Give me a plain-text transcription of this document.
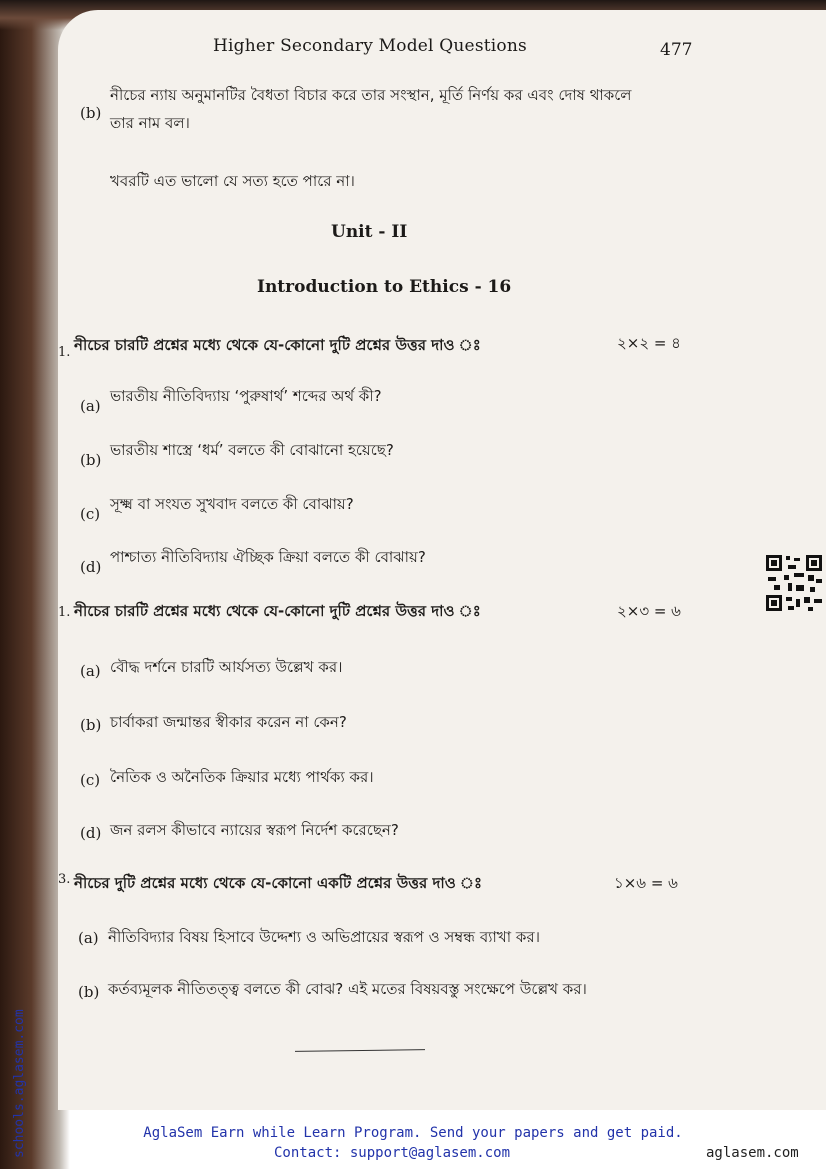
Higher Secondary Model Questions	477
(b)
নীচের ন্যায় অনুমানটির বৈধতা বিচার করে তার সংস্থান, মূর্তি নির্ণয় কর এবং দোষ থাকলে
তার নাম বল।
খবরটি এত ভালো যে সত্য হতে পারে না।
Unit - II
Introduction to Ethics - 16
1. নীচের চারটি প্রশ্নের মধ্যে থেকে যে-কোনো দুটি প্রশ্নের উত্তর দাও ঃ	২×২ = ৪
(a)
ভারতীয় নীতিবিদ্যায় ‘পুরুষার্থ’ শব্দের অর্থ কী?
(b)
ভারতীয় শাস্ত্রে ‘ধর্ম’ বলতে কী বোঝানো হয়েছে?
(c)
সূক্ষ্ম বা সংযত সুখবাদ বলতে কী বোঝায়?
(d)
পাশ্চাত্য নীতিবিদ্যায় ঐচ্ছিক ক্রিয়া বলতে কী বোঝায়?
1. নীচের চারটি প্রশ্নের মধ্যে থেকে যে-কোনো দুটি প্রশ্নের উত্তর দাও ঃ	২×৩ = ৬
(a) বৌদ্ধ দর্শনে চারটি আর্যসত্য উল্লেখ কর।
(b) চার্বাকরা জন্মান্তর স্বীকার করেন না কেন?
(c) নৈতিক ও অনৈতিক ক্রিয়ার মধ্যে পার্থক্য কর।
(d) জন রলস কীভাবে ন্যায়ের স্বরূপ নির্দেশ করেছেন?
3. নীচের দুটি প্রশ্নের মধ্যে থেকে যে-কোনো একটি প্রশ্নের উত্তর দাও ঃ	১×৬ = ৬
(a) নীতিবিদ্যার বিষয় হিসাবে উদ্দেশ্য ও অভিপ্রায়ের স্বরূপ ও সম্বন্ধ ব্যাখা কর।
(b) কর্তব্যমূলক নীতিতত্ত্ব বলতে কী বোঝ? এই মতের বিষয়বস্তু সংক্ষেপে উল্লেখ কর।
schools.aglasem.com	AglaSem Earn while Learn Program. Send your papers and get paid.
Contact: support@aglasem.com	aglasem.com
